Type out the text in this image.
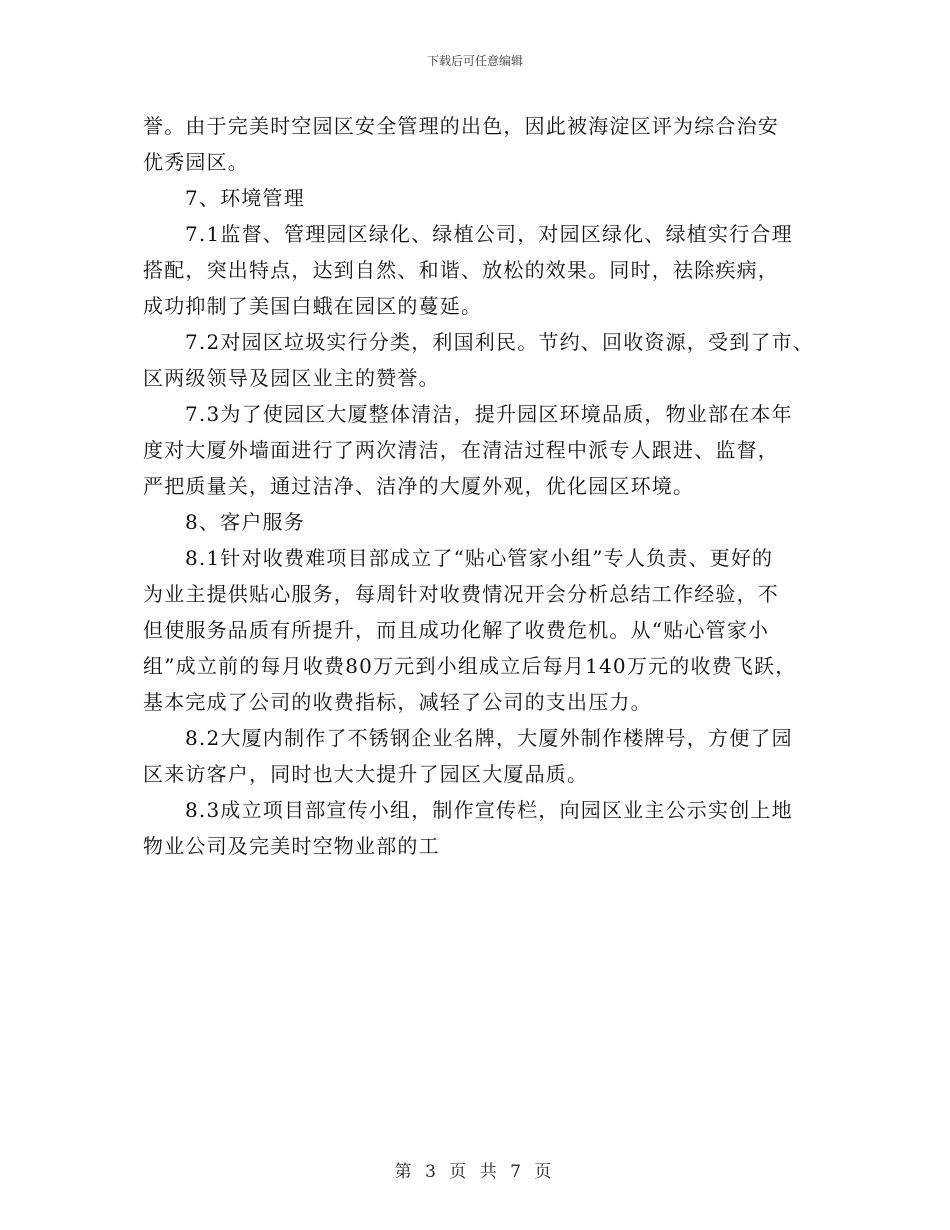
下载后可任意编辑
誉。由于完美时空园区安全管理的出色，因此被海淀区评为综合治安
优秀园区。
7、环境管理
7.1监督、管理园区绿化、绿植公司，对园区绿化、绿植实行合理
搭配，突出特点，达到自然、和谐、放松的效果。同时，祛除疾病，
成功抑制了美国白蛾在园区的蔓延。
7.2对园区垃圾实行分类，利国利民。节约、回收资源，受到了市、
区两级领导及园区业主的赞誉。
7.3为了使园区大厦整体清洁，提升园区环境品质，物业部在本年
度对大厦外墙面进行了两次清洁，在清洁过程中派专人跟进、监督，
严把质量关，通过洁净、洁净的大厦外观，优化园区环境。
8、客户服务
8.1针对收费难项目部成立了“贴心管家小组”专人负责、更好的
为业主提供贴心服务，每周针对收费情况开会分析总结工作经验，不
但使服务品质有所提升，而且成功化解了收费危机。从“贴心管家小
组”成立前的每月收费80万元到小组成立后每月140万元的收费飞跃，
基本完成了公司的收费指标，减轻了公司的支出压力。
8.2大厦内制作了不锈钢企业名牌，大厦外制作楼牌号，方便了园
区来访客户，同时也大大提升了园区大厦品质。
8.3成立项目部宣传小组，制作宣传栏，向园区业主公示实创上地
物业公司及完美时空物业部的工
第 3 页 共 7 页
